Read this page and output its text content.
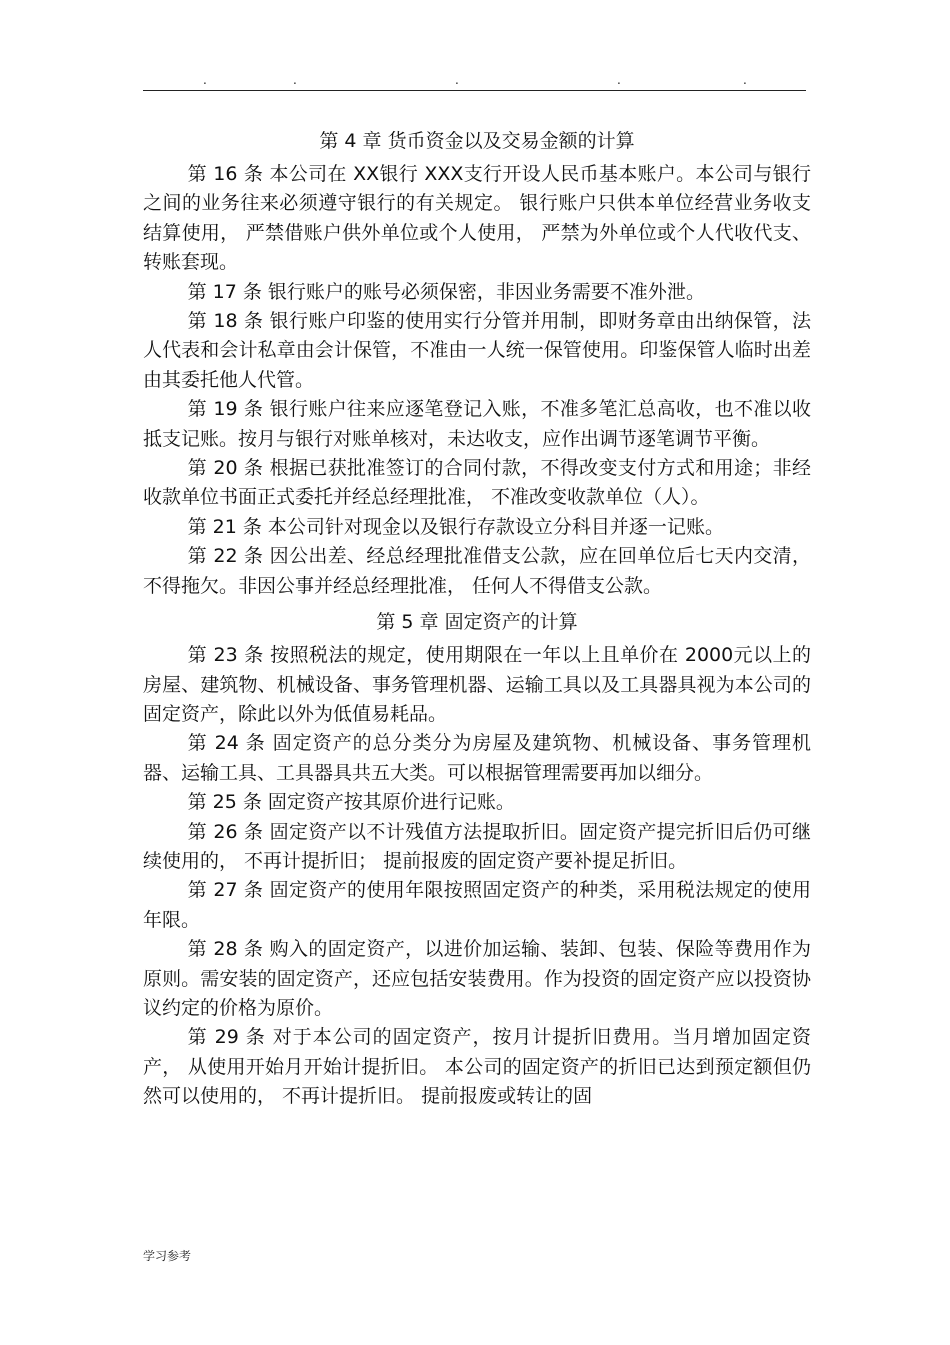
.	.	.	.	.
第 4 章 货币资金以及交易金额的计算

第 16 条 本公司在 XX银行 XXX支行开设人民币基本账户。本公司与银行之间的业务往来必须遵守银行的有关规定。 银行账户只供本单位经营业务收支结算使用， 严禁借账户供外单位或个人使用， 严禁为外单位或个人代收代支、转账套现。

第 17 条 银行账户的账号必须保密，非因业务需要不准外泄。

第 18 条 银行账户印鉴的使用实行分管并用制，即财务章由出纳保管，法人代表和会计私章由会计保管，不准由一人统一保管使用。印鉴保管人临时出差由其委托他人代管。

第 19 条 银行账户往来应逐笔登记入账，不准多笔汇总高收，也不准以收抵支记账。按月与银行对账单核对，未达收支，应作出调节逐笔调节平衡。

第 20 条 根据已获批准签订的合同付款，不得改变支付方式和用途；非经收款单位书面正式委托并经总经理批准， 不准改变收款单位（人）。

第 21 条 本公司针对现金以及银行存款设立分科目并逐一记账。

第 22 条 因公出差、经总经理批准借支公款，应在回单位后七天内交清，不得拖欠。非因公事并经总经理批准， 任何人不得借支公款。

第 5 章 固定资产的计算

第 23 条 按照税法的规定，使用期限在一年以上且单价在 2000元以上的房屋、建筑物、机械设备、事务管理机器、运输工具以及工具器具视为本公司的固定资产，除此以外为低值易耗品。

第 24 条 固定资产的总分类分为房屋及建筑物、机械设备、事务管理机器、运输工具、工具器具共五大类。可以根据管理需要再加以细分。

第 25 条 固定资产按其原价进行记账。

第 26 条 固定资产以不计残值方法提取折旧。固定资产提完折旧后仍可继续使用的， 不再计提折旧； 提前报废的固定资产要补提足折旧。

第 27 条 固定资产的使用年限按照固定资产的种类，采用税法规定的使用年限。

第 28 条 购入的固定资产，以进价加运输、装卸、包装、保险等费用作为原则。需安装的固定资产，还应包括安装费用。作为投资的固定资产应以投资协议约定的价格为原价。

第 29 条 对于本公司的固定资产，按月计提折旧费用。当月增加固定资产， 从使用开始月开始计提折旧。 本公司的固定资产的折旧已达到预定额但仍然可以使用的， 不再计提折旧。 提前报废或转让的固

学习参考
